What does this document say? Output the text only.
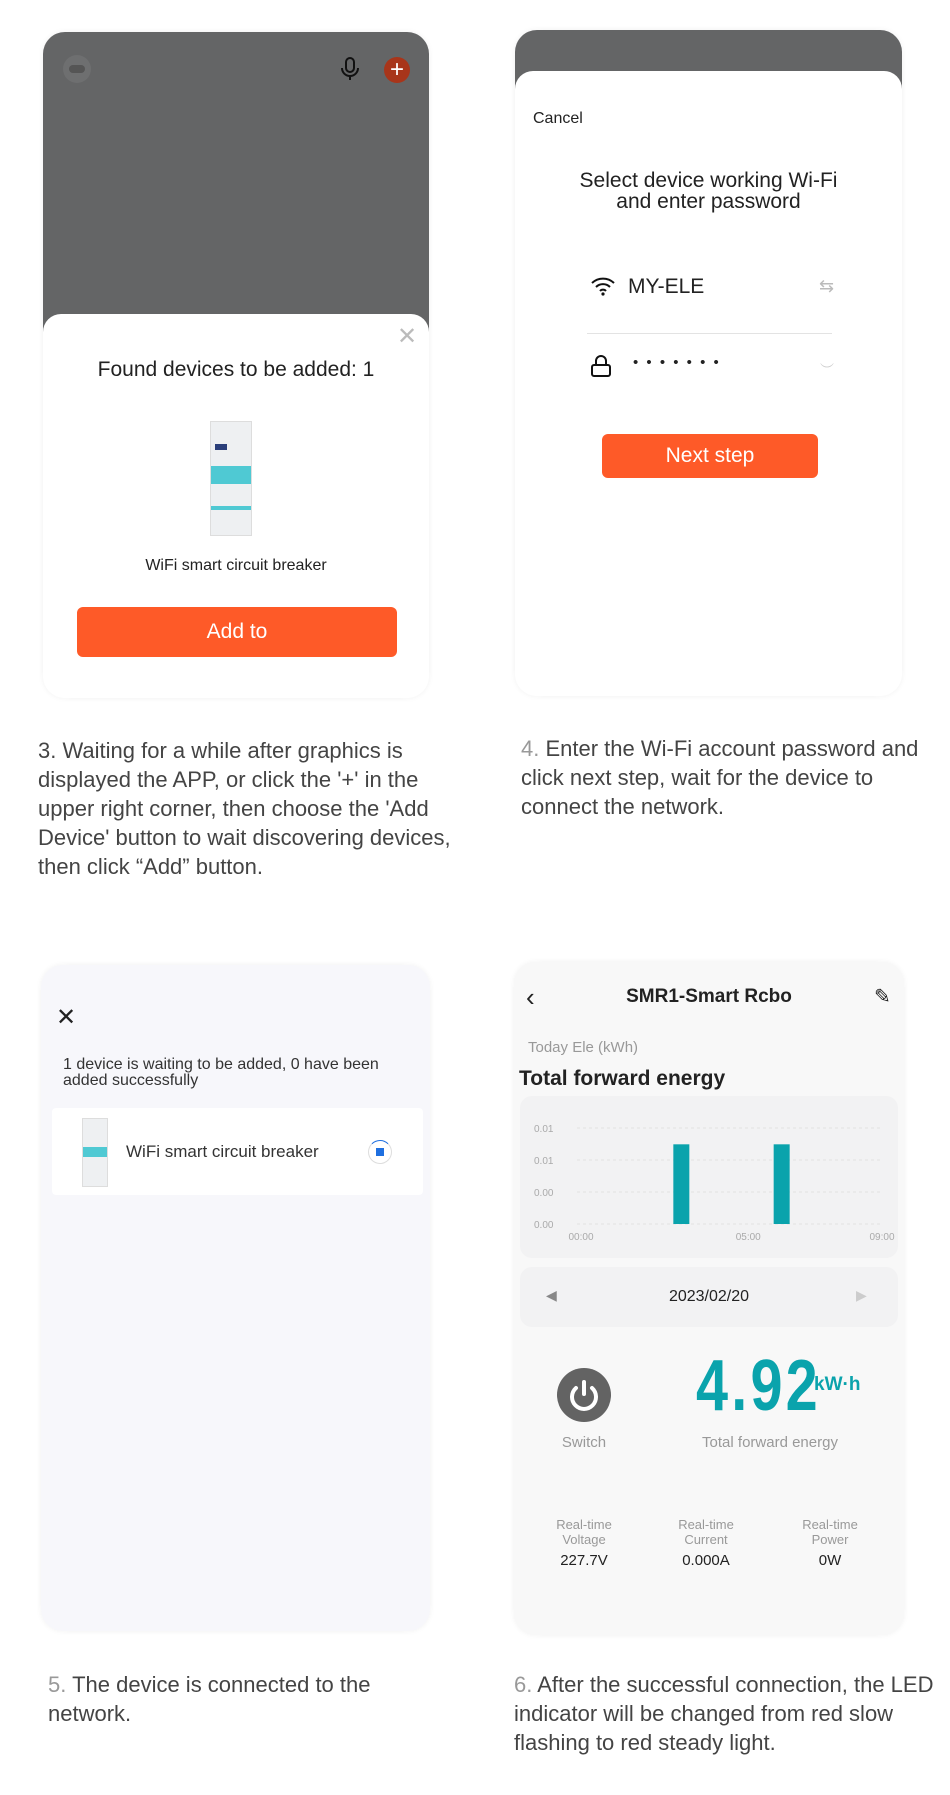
+
✕
Found devices to be added: 1
WiFi smart circuit breaker
Add to
3. Waiting for a while after graphics is displayed the APP, or click the '+' in the upper right corner, then choose the 'Add Device' button to wait discovering devices, then click “Add” button.
Cancel
Select device working Wi-Fi
and enter password
MY-ELE	⇆
• • • • • • •	︶
Next step
4. Enter the Wi-Fi account password and click next step, wait for the device to connect the network.
✕
1 device is waiting to be added, 0 have been added successfully
WiFi smart circuit breaker
5. The device is connected to the network.
‹	SMR1-Smart Rcbo	✎
Today Ele (kWh)
Total forward energy
0.01
0.01
0.00
0.00
00:00	05:00	09:00
◀	2023/02/20	▶
Switch
4.92
kW·h
Total forward energy
Real-time
Voltage
227.7V
Real-time
Current
0.000A
Real-time
Power
0W
6. After the successful connection, the LED indicator will be changed from red slow flashing to red steady light.
